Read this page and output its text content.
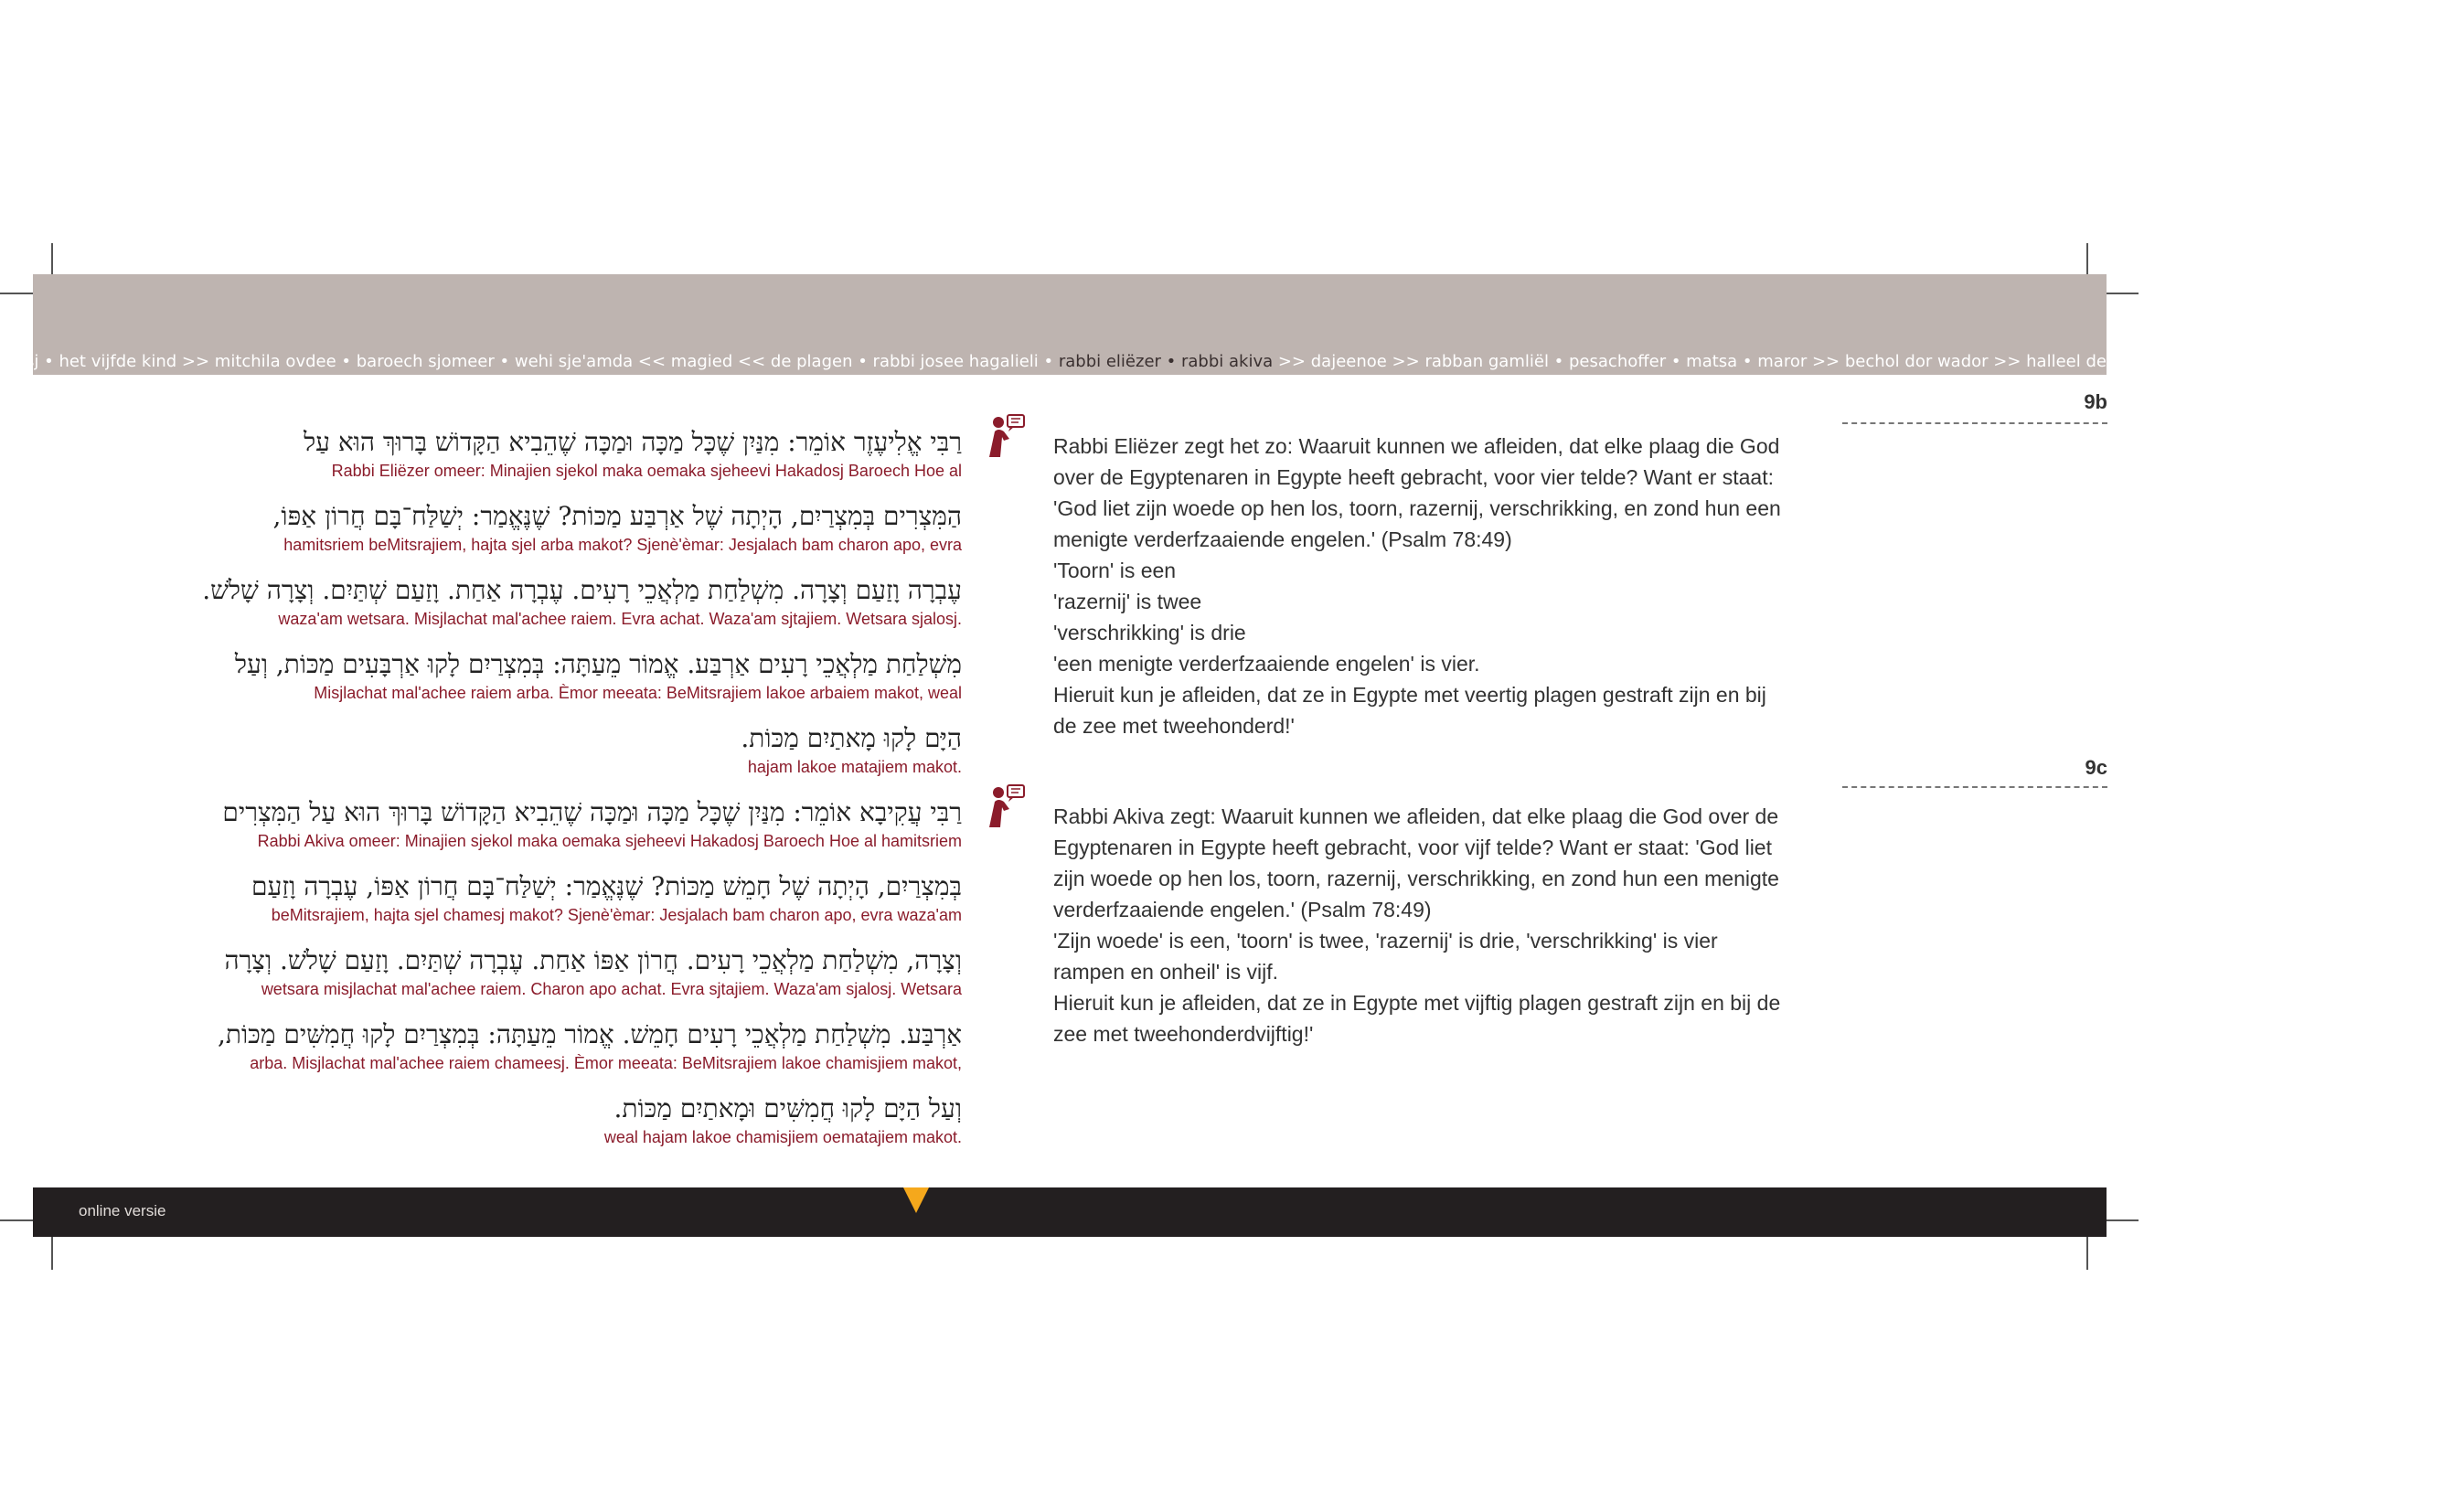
sj • het vijfde kind >> mitchila ovdee • baroech sjomeer • wehi sje'amda << magied << de plagen • rabbi josee hagalieli • rabbi eliëzer • rabbi akiva >> dajeenoe >> rabban gamliël • pesachoffer • matsa • maror >> bechol dor wador >> halleel deel 1 • psalm 113 • psalm 114 • ga'al jisrael
רַבִּי אֱלִיעֶזֶר אוֹמֵר: מִנַּיִן שֶׁכָּל מַכָּה וּמַכָּה שֶׁהֵבִיא הַקָּדוֹשׁ בָּרוּךְ הוּא עַל
Rabbi Eliëzer omeer: Minajien sjekol maka oemaka sjeheevi Hakadosj Baroech Hoe al
הַמִּצְרִים בְּמִצְרַיִם, הָיְתָה שֶׁל אַרְבַּע מַכּוֹת? שֶׁנֶּאֱמַר: יְשַׁלַּח־בָּם חֲרוֹן אַפּוֹ,
hamitsriem beMitsrajiem, hajta sjel arba makot? Sjenè'èmar: Jesjalach bam charon apo, evra
עֶבְרָה וָזַעַם וְצָרָה. מִשְׁלַחַת מַלְאֲכֵי רָעִים. עֶבְרָה אַחַת. וָזַעַם שְׁתַּיִם. וְצָרָה שָׁלֹשׁ.
waza'am wetsara. Misjlachat mal'achee raiem. Evra achat. Waza'am sjtajiem. Wetsara sjalosj.
מִשְׁלַחַת מַלְאֲכֵי רָעִים אַרְבַּע. אֱמוֹר מֵעַתָּה: בְּמִצְרַיִם לָקוּ אַרְבָּעִים מַכּוֹת, וְעַל
Misjlachat mal'achee raiem arba. Èmor meeata: BeMitsrajiem lakoe arbaiem makot, weal
הַיָּם לָקוּ מָאתַיִם מַכּוֹת.
hajam lakoe matajiem makot.
רַבִּי עֲקִיבָא אוֹמֵר: מִנַּיִן שֶׁכָּל מַכָּה וּמַכָּה שֶׁהֵבִיא הַקָּדוֹשׁ בָּרוּךְ הוּא עַל הַמִּצְרִים
Rabbi Akiva omeer: Minajien sjekol maka oemaka sjeheevi Hakadosj Baroech Hoe al hamitsriem
בְּמִצְרַיִם, הָיְתָה שֶׁל חָמֵשׁ מַכּוֹת? שֶׁנֶּאֱמַר: יְשַׁלַּח־בָּם חֲרוֹן אַפּוֹ, עֶבְרָה וָזַעַם
beMitsrajiem, hajta sjel chamesj makot? Sjenè'èmar: Jesjalach bam charon apo, evra waza'am
וְצָרָה, מִשְׁלַחַת מַלְאֲכֵי רָעִים. חֲרוֹן אַפּוֹ אַחַת. עֶבְרָה שְׁתַּיִם. וָזַעַם שָׁלֹשׁ. וְצָרָה
wetsara misjlachat mal'achee raiem. Charon apo achat. Evra sjtajiem. Waza'am sjalosj. Wetsara
אַרְבַּע. מִשְׁלַחַת מַלְאֲכֵי רָעִים חָמֵשׁ. אֱמוֹר מֵעַתָּה: בְּמִצְרַיִם לָקוּ חֲמִשִּׁים מַכּוֹת,
arba. Misjlachat mal'achee raiem chameesj. Èmor meeata: BeMitsrajiem lakoe chamisjiem makot,
וְעַל הַיָּם לָקוּ חֲמִשִּׁים וּמָאתַיִם מַכּוֹת.
weal hajam lakoe chamisjiem oematajiem makot.

Rabbi Eliëzer zegt het zo: Waaruit kunnen we afleiden, dat elke plaag die God over de Egyptenaren in Egypte heeft gebracht, voor vier telde? Want er staat: 'God liet zijn woede op hen los, toorn, razernij, verschrikking, en zond hun een menigte verderfzaaiende engelen.' (Psalm 78:49)

'Toorn' is een

'razernij' is twee

'verschrikking' is drie

'een menigte verderfzaaiende engelen' is vier.

Hieruit kun je afleiden, dat ze in Egypte met veertig plagen gestraft zijn en bij de zee met tweehonderd!'

Rabbi Akiva zegt: Waaruit kunnen we afleiden, dat elke plaag die God over de Egyptenaren in Egypte heeft gebracht, voor vijf telde? Want er staat: 'God liet zijn woede op hen los, toorn, razernij, verschrikking, en zond hun een menigte verderfzaaiende engelen.' (Psalm 78:49)

'Zijn woede' is een, 'toorn' is twee, 'razernij' is drie, 'verschrikking' is vier rampen en onheil' is vijf.

Hieruit kun je afleiden, dat ze in Egypte met vijftig plagen gestraft zijn en bij de zee met tweehonderdvijftig!'

9b
9c
online versie
